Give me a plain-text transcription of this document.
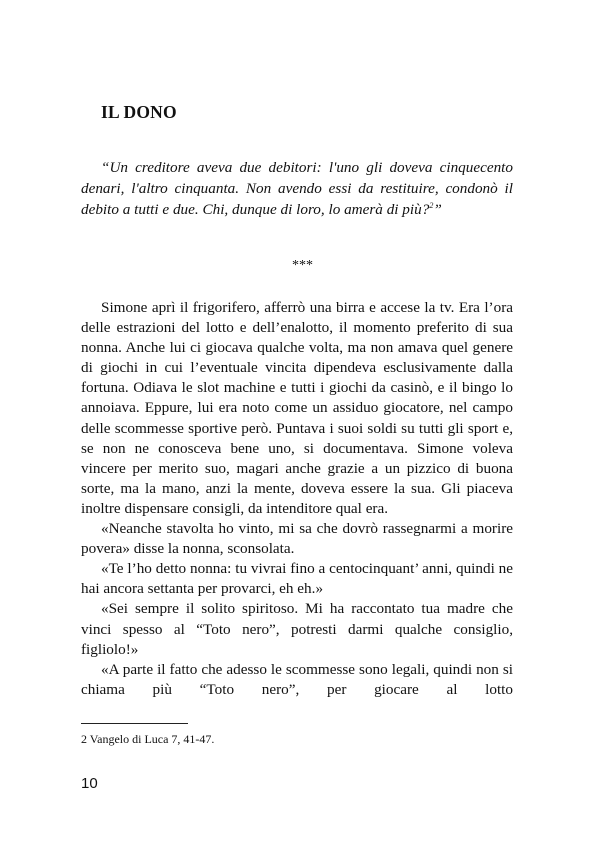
IL DONO

“Un creditore aveva due debitori: l'uno gli doveva cinquecento denari, l'altro cinquanta. Non avendo essi da restituire, condonò il debito a tutti e due. Chi, dunque di loro, lo amerà di più?$^2$”

***

Simone aprì il frigorifero, afferrò una birra e accese la tv. Era l’ora delle estrazioni del lotto e dell’enalotto, il momento preferito di sua nonna. Anche lui ci giocava qualche volta, ma non amava quel genere di giochi in cui l’eventuale vincita dipendeva esclusivamente dalla fortuna. Odiava le slot machine e tutti i giochi da casinò, e il bingo lo annoiava. Eppure, lui era noto come un assiduo giocatore, nel campo delle scommesse sportive però. Puntava i suoi soldi su tutti gli sport e, se non ne conosceva bene uno, si documentava. Simone voleva vincere per merito suo, magari anche grazie a un pizzico di buona sorte, ma la mano, anzi la mente, doveva essere la sua. Gli piaceva inoltre dispensare consigli, da intenditore qual era.

«Neanche stavolta ho vinto, mi sa che dovrò rassegnarmi a morire povera» disse la nonna, sconsolata.

«Te l’ho detto nonna: tu vivrai fino a centocinquant’ anni, quindi ne hai ancora settanta per provarci, eh eh.»

«Sei sempre il solito spiritoso. Mi ha raccontato tua madre che vinci spesso al “Toto nero”, potresti darmi qualche consiglio, figliolo!»

«A parte il fatto che adesso le scommesse sono legali, quindi non si chiama più “Toto nero”, per giocare al lotto

2 Vangelo di Luca 7, 41-47.

10
